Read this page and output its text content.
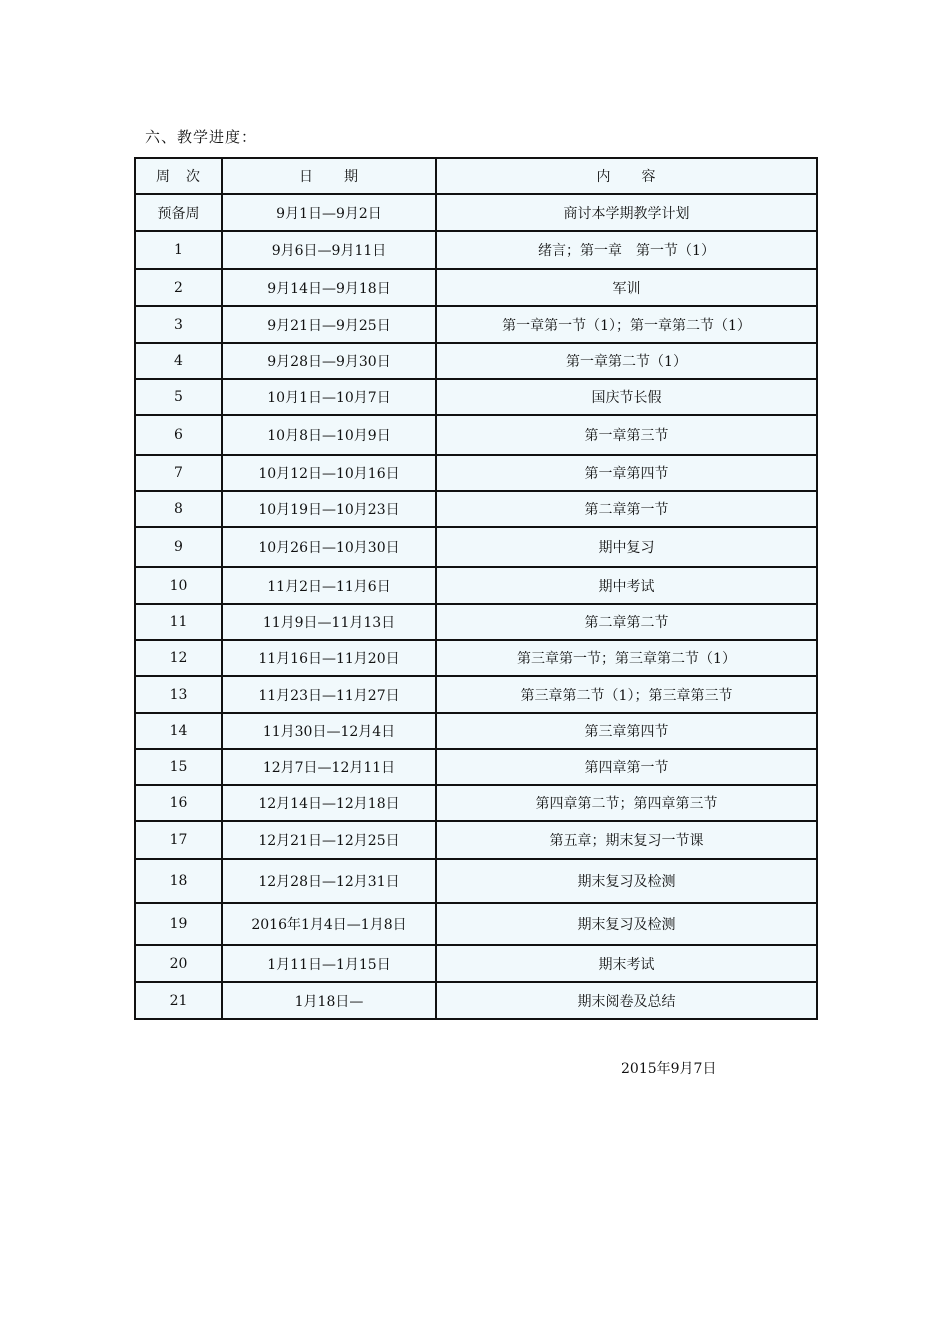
六、教学进度：
周　次	日　　期	内　　容
预备周	9月1日—9月2日	商讨本学期教学计划
1	9月6日—9月11日	绪言；第一章　第一节（1）
2	9月14日—9月18日	军训
3	9月21日—9月25日	第一章第一节（1）；第一章第二节（1）
4	9月28日—9月30日	第一章第二节（1）
5	10月1日—10月7日	国庆节长假
6	10月8日—10月9日	第一章第三节
7	10月12日—10月16日	第一章第四节
8	10月19日—10月23日	第二章第一节
9	10月26日—10月30日	期中复习
10	11月2日—11月6日	期中考试
11	11月9日—11月13日	第二章第二节
12	11月16日—11月20日	第三章第一节；第三章第二节（1）
13	11月23日—11月27日	第三章第二节（1）；第三章第三节
14	11月30日—12月4日	第三章第四节
15	12月7日—12月11日	第四章第一节
16	12月14日—12月18日	第四章第二节；第四章第三节
17	12月21日—12月25日	第五章；期末复习一节课
18	12月28日—12月31日	期末复习及检测
19	2016年1月4日—1月8日	期末复习及检测
20	1月11日—1月15日	期末考试
21	1月18日—	期末阅卷及总结
2015年9月7日
